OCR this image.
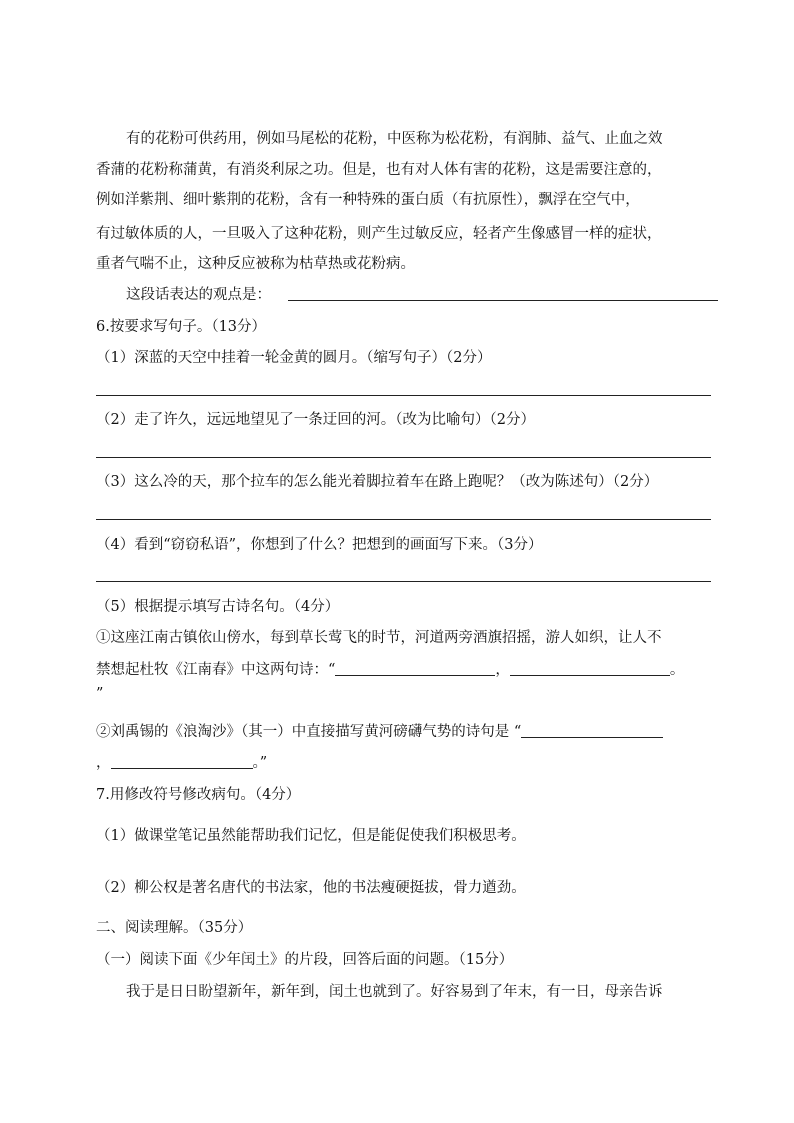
有的花粉可供药用，例如马尾松的花粉，中医称为松花粉，有润肺、益气、止血之效
香蒲的花粉称蒲黄，有消炎利尿之功。但是，也有对人体有害的花粉，这是需要注意的，
例如洋紫荆、细叶紫荆的花粉，含有一种特殊的蛋白质（有抗原性），飘浮在空气中，
有过敏体质的人，一旦吸入了这种花粉，则产生过敏反应，轻者产生像感冒一样的症状，
重者气喘不止，这种反应被称为枯草热或花粉病。
这段话表达的观点是：
6.按要求写句子。（13分）
（1）深蓝的天空中挂着一轮金黄的圆月。（缩写句子）（2分）
（2）走了许久，远远地望见了一条迂回的河。（改为比喻句）（2分）
（3）这么冷的天，那个拉车的怎么能光着脚拉着车在路上跑呢？（改为陈述句）（2分）
（4）看到“窃窃私语”，你想到了什么？把想到的画面写下来。（3分）
（5）根据提示填写古诗名句。（4分）
①这座江南古镇依山傍水，每到草长莺飞的时节，河道两旁酒旗招摇，游人如织，让人不
禁想起杜牧《江南春》中这两句诗：“	，	。
”
②刘禹锡的《浪淘沙》（其一）中直接描写黄河磅礴气势的诗句是 “
，	。”
7.用修改符号修改病句。（4分）
（1）做课堂笔记虽然能帮助我们记忆，但是能促使我们积极思考。
（2）柳公权是著名唐代的书法家，他的书法瘦硬挺拔，骨力遒劲。
二、阅读理解。（35分）
（一）阅读下面《少年闰土》的片段，回答后面的问题。（15分）
我于是日日盼望新年，新年到，闰土也就到了。好容易到了年末，有一日，母亲告诉
